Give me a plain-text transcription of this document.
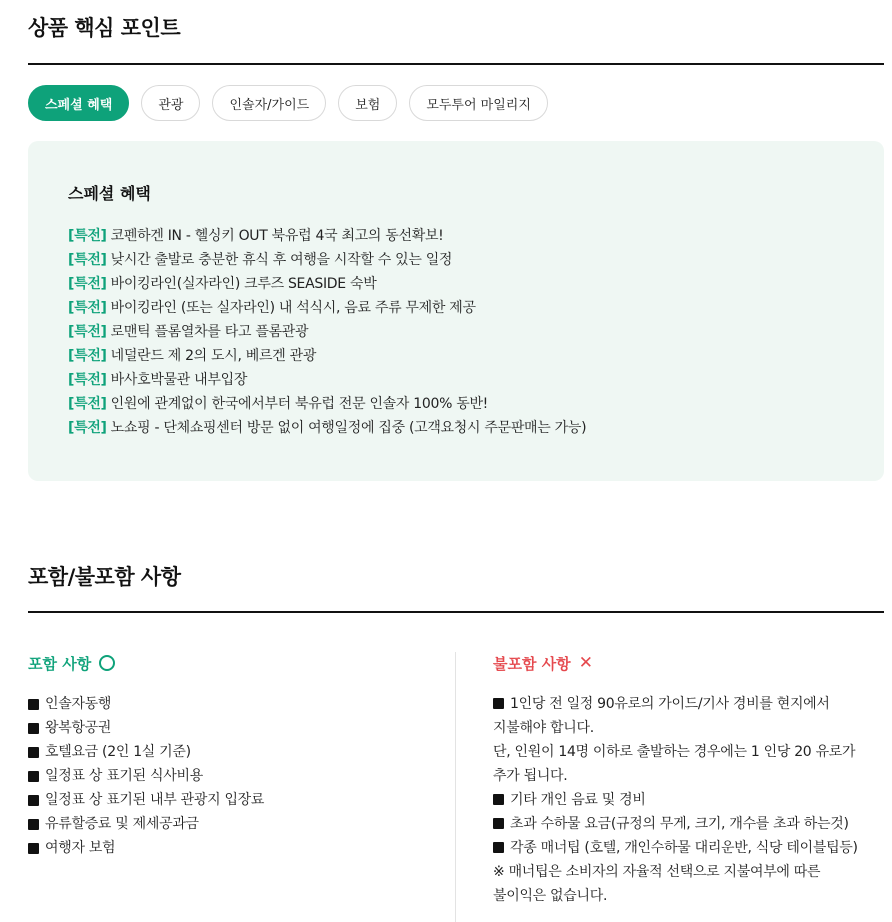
상품 핵심 포인트
스페셜 혜택	관광	인솔자/가이드	보험	모두투어 마일리지
스페셜 혜택
[특전] 코펜하겐 IN - 헬싱키 OUT 북유럽 4국 최고의 동선확보!
[특전] 낮시간 출발로 충분한 휴식 후 여행을 시작할 수 있는 일정
[특전] 바이킹라인(실자라인) 크루즈 SEASIDE 숙박
[특전] 바이킹라인 (또는 실자라인) 내 석식시, 음료 주류 무제한 제공
[특전] 로맨틱 플롬열차를 타고 플롬관광
[특전] 네덜란드 제 2의 도시, 베르겐 관광
[특전] 바사호박물관 내부입장
[특전] 인원에 관계없이 한국에서부터 북유럽 전문 인솔자 100% 동반!
[특전] 노쇼핑 - 단체쇼핑센터 방문 없이 여행일정에 집중 (고객요청시 주문판매는 가능)
포함/불포함 사항
포함 사항
인솔자동행
왕복항공권
호텔요금 (2인 1실 기준)
일정표 상 표기된 식사비용
일정표 상 표기된 내부 관광지 입장료
유류할증료 및 제세공과금
여행자 보험
불포함 사항 ✕
1인당 전 일정 90유로의 가이드/기사 경비를 현지에서
지불해야 합니다.
단, 인원이 14명 이하로 출발하는 경우에는 1 인당 20 유로가
추가 됩니다.
기타 개인 음료 및 경비
초과 수하물 요금(규정의 무게, 크기, 개수를 초과 하는것)
각종 매너팁 (호텔, 개인수하물 대리운반, 식당 테이블팁등)
※ 매너팁은 소비자의 자율적 선택으로 지불여부에 따른
불이익은 없습니다.
